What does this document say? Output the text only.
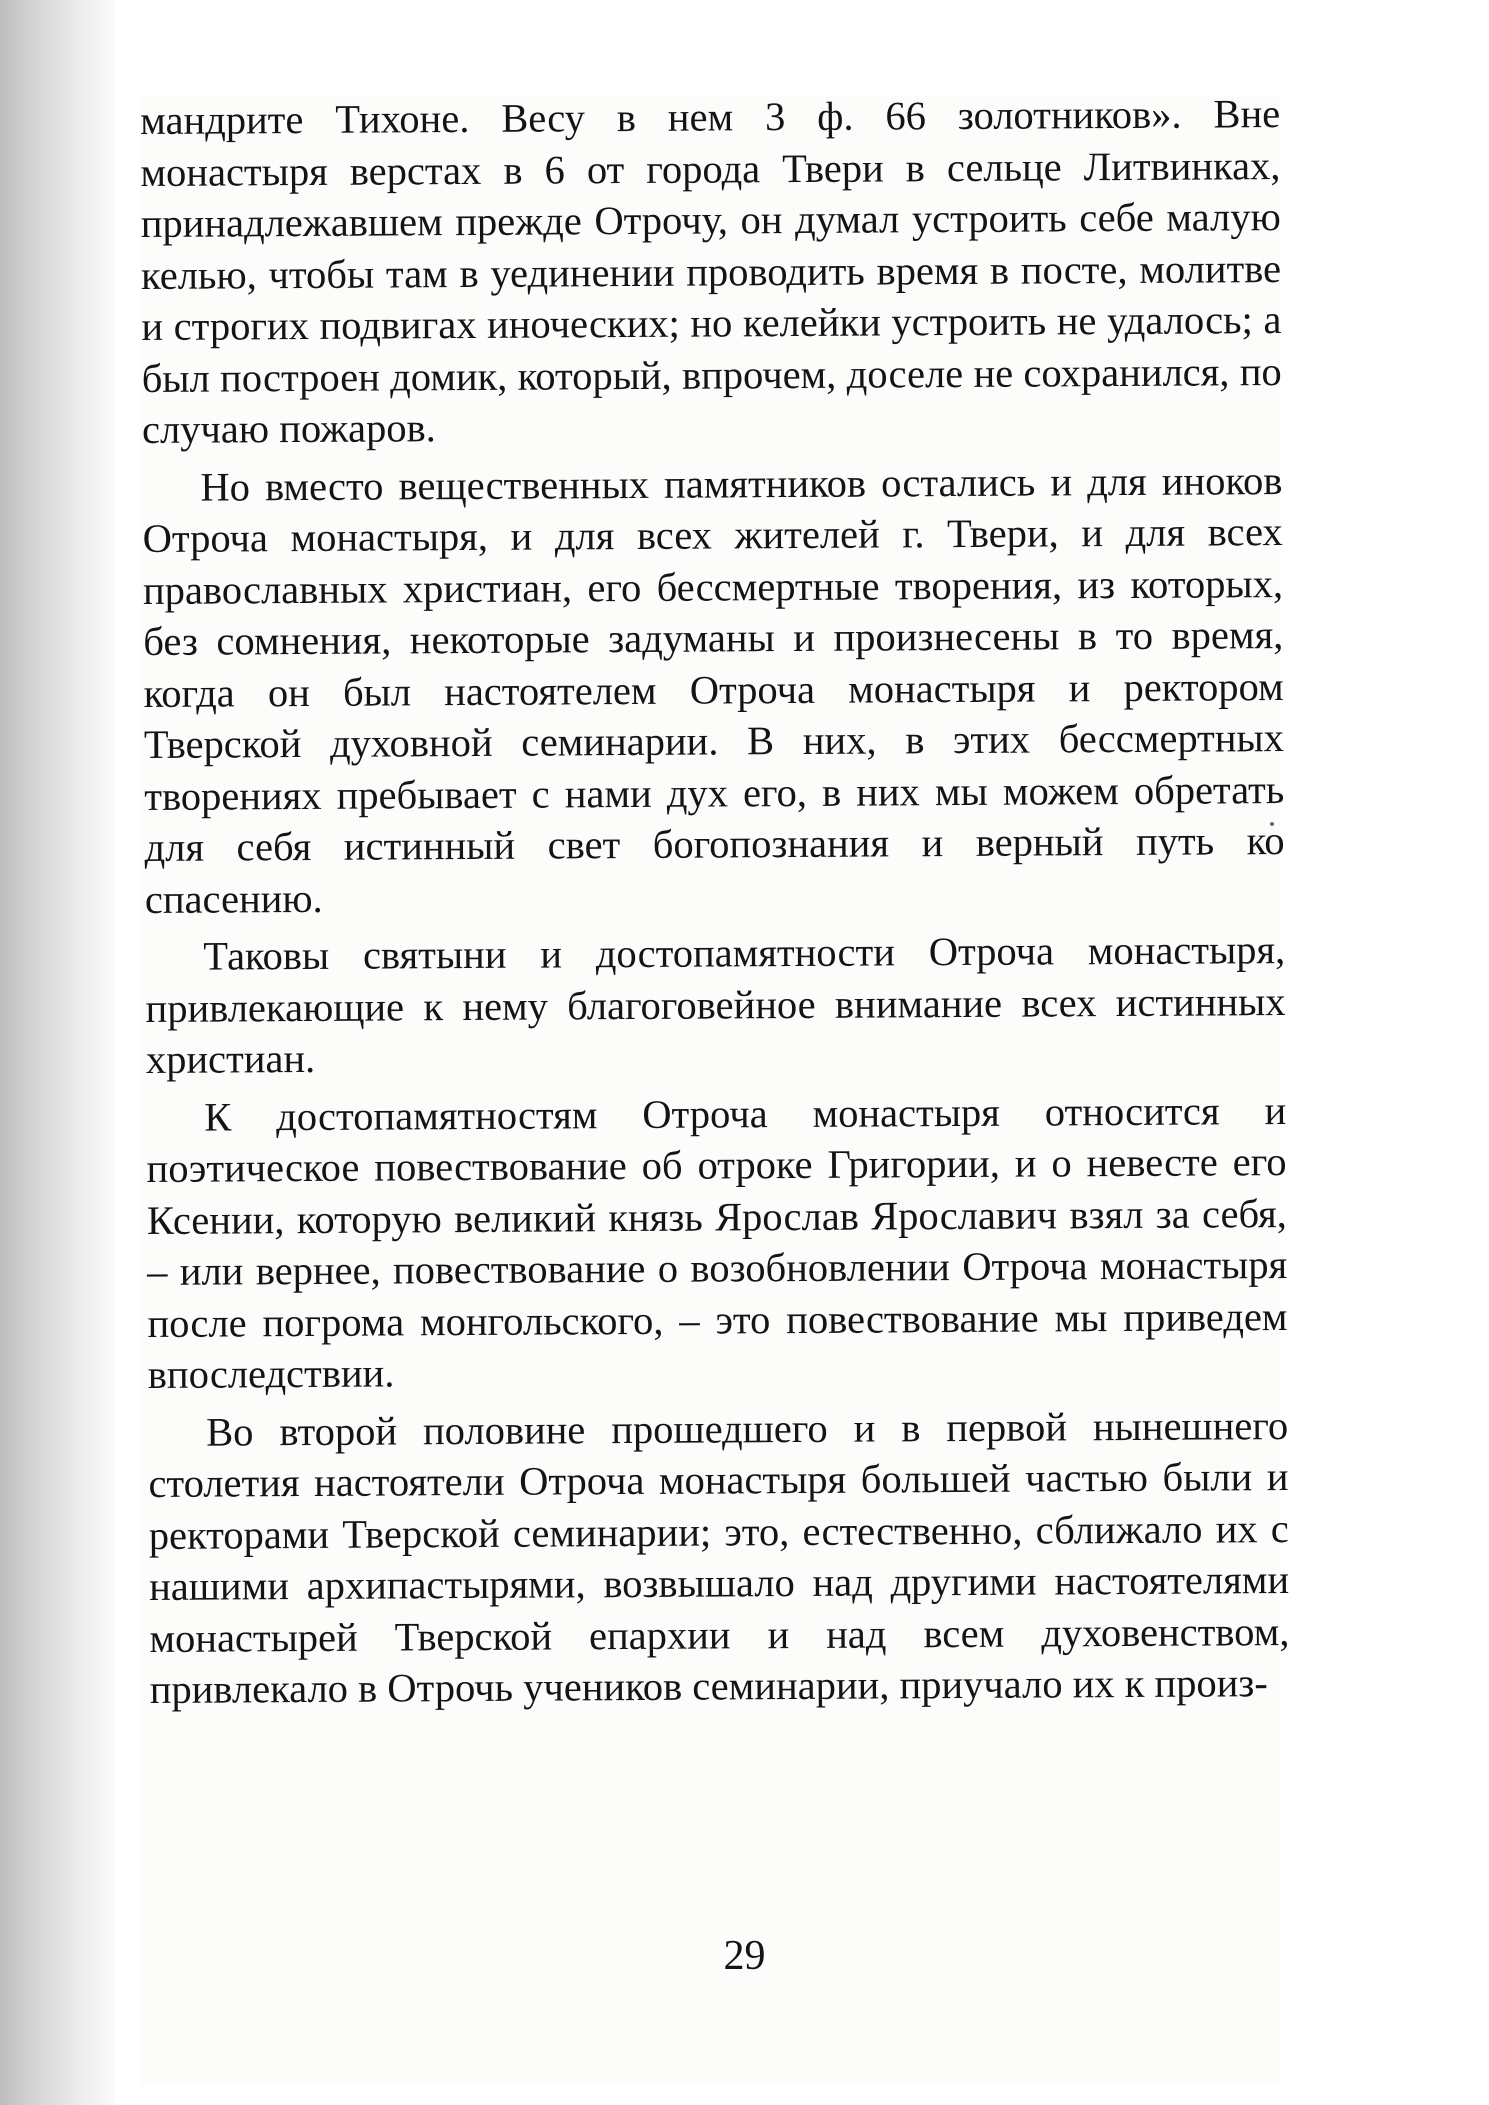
мандрите Тихоне. Весу в нем 3 ф. 66 золотников». Вне монастыря верстах в 6 от города Твери в сельце Литвинках, принадлежавшем прежде Отрочу, он думал устроить себе малую келью, чтобы там в уединении проводить время в посте, молитве и строгих подвигах иноческих; но келейки устроить не удалось; а был построен домик, который, впрочем, доселе не сохранился, по случаю пожаров.

Но вместо вещественных памятников остались и для иноков Отроча монастыря, и для всех жителей г. Твери, и для всех православных христиан, его бессмертные творения, из которых, без сомнения, некоторые задуманы и произнесены в то время, когда он был настоятелем Отроча монастыря и ректором Тверской духовной семинарии. В них, в этих бессмертных творениях пребывает с нами дух его, в них мы можем обретать для себя истинный свет богопознания и верный путь ко спасению.

Таковы святыни и достопамятности Отроча монастыря, привлекающие к нему благоговейное внимание всех истинных христиан.

К достопамятностям Отроча монастыря относится и поэтическое повествование об отроке Григории, и о невесте его Ксении, которую великий князь Ярослав Ярославич взял за себя, – или вернее, повествование о возобновлении Отроча монастыря после погрома монгольского, – это повествование мы приведем впоследствии.

Во второй половине прошедшего и в первой нынешнего столетия настоятели Отроча монастыря большей частью были и ректорами Тверской семинарии; это, естественно, сближало их с нашими архипастырями, возвышало над другими настоятелями монастырей Тверской епархии и над всем духовенством, привлекало в Отрочь учеников семинарии, приучало их к произ-

29
